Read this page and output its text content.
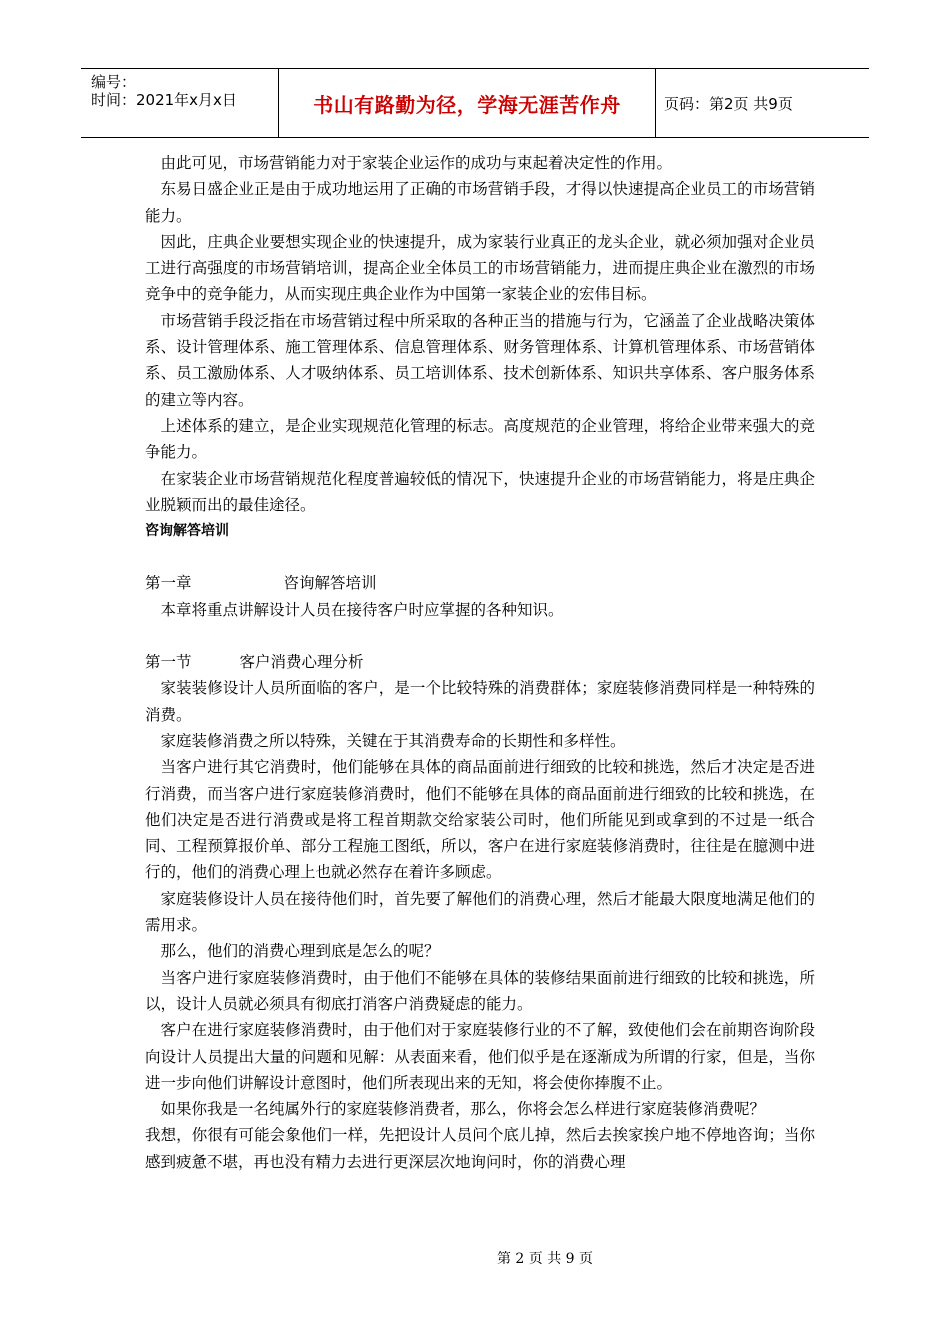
编号：
时间：2021年x月x日	书山有路勤为径，学海无涯苦作舟	页码：第2页 共9页

由此可见，市场营销能力对于家装企业运作的成功与束起着决定性的作用。

东易日盛企业正是由于成功地运用了正确的市场营销手段，才得以快速提高企业员工的市场营销能力。

因此，庄典企业要想实现企业的快速提升，成为家装行业真正的龙头企业，就必须加强对企业员工进行高强度的市场营销培训，提高企业全体员工的市场营销能力，进而提庄典企业在激烈的市场竞争中的竞争能力，从而实现庄典企业作为中国第一家装企业的宏伟目标。

市场营销手段泛指在市场营销过程中所采取的各种正当的措施与行为，它涵盖了企业战略决策体系、设计管理体系、施工管理体系、信息管理体系、财务管理体系、计算机管理体系、市场营销体系、员工激励体系、人才吸纳体系、员工培训体系、技术创新体系、知识共享体系、客户服务体系的建立等内容。

上述体系的建立，是企业实现规范化管理的标志。高度规范的企业管理，将给企业带来强大的竞争能力。

在家装企业市场营销规范化程度普遍较低的情况下，快速提升企业的市场营销能力，将是庄典企业脱颖而出的最佳途径。

咨询解答培训
第一章	咨询解答培训

本章将重点讲解设计人员在接待客户时应掌握的各种知识。

第一节	客户消费心理分析

家装装修设计人员所面临的客户，是一个比较特殊的消费群体；家庭装修消费同样是一种特殊的消费。

家庭装修消费之所以特殊，关键在于其消费寿命的长期性和多样性。

当客户进行其它消费时，他们能够在具体的商品面前进行细致的比较和挑选，然后才决定是否进行消费，而当客户进行家庭装修消费时，他们不能够在具体的商品面前进行细致的比较和挑选，在他们决定是否进行消费或是将工程首期款交给家装公司时，他们所能见到或拿到的不过是一纸合同、工程预算报价单、部分工程施工图纸，所以，客户在进行家庭装修消费时，往往是在臆测中进行的，他们的消费心理上也就必然存在着许多顾虑。

家庭装修设计人员在接待他们时，首先要了解他们的消费心理，然后才能最大限度地满足他们的需用求。

那么，他们的消费心理到底是怎么的呢？

当客户进行家庭装修消费时，由于他们不能够在具体的装修结果面前进行细致的比较和挑选，所以，设计人员就必须具有彻底打消客户消费疑虑的能力。

客户在进行家庭装修消费时，由于他们对于家庭装修行业的不了解，致使他们会在前期咨询阶段向设计人员提出大量的问题和见解：从表面来看，他们似乎是在逐渐成为所谓的行家，但是，当你进一步向他们讲解设计意图时，他们所表现出来的无知，将会使你捧腹不止。

如果你我是一名纯属外行的家庭装修消费者，那么，你将会怎么样进行家庭装修消费呢？

我想，你很有可能会象他们一样，先把设计人员问个底儿掉，然后去挨家挨户地不停地咨询；当你感到疲惫不堪，再也没有精力去进行更深层次地询问时，你的消费心理

第 2 页 共 9 页
